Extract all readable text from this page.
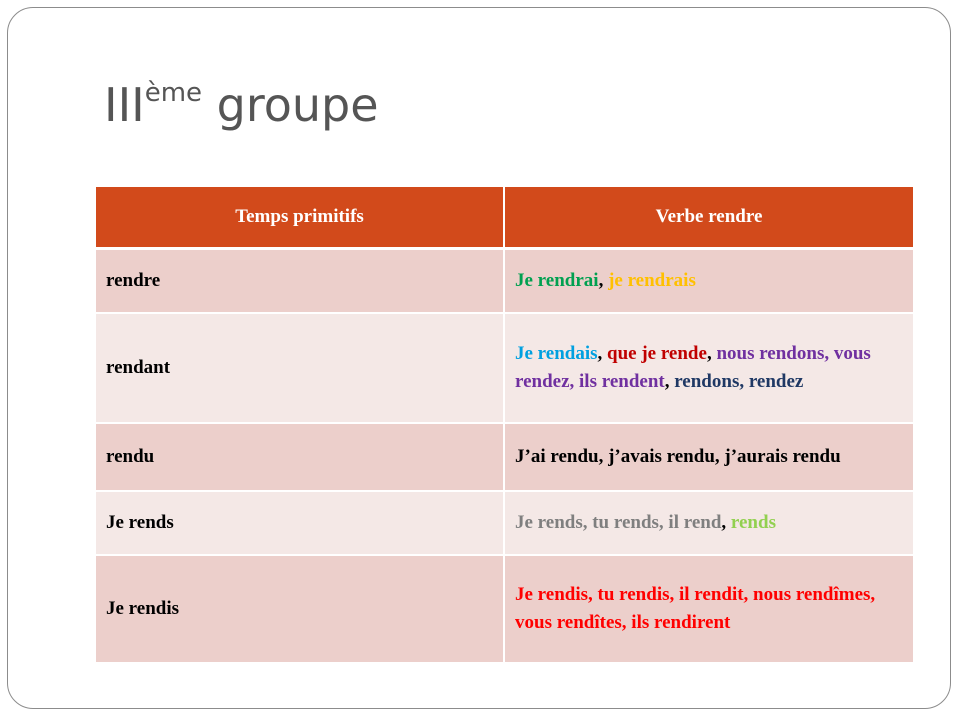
IIIème groupe
Temps primitifs	Verbe rendre
rendre	Je rendrai, je rendrais
rendant	Je rendais, que je rende, nous rendons, vous rendez, ils rendent, rendons, rendez
rendu	J’ai rendu, j’avais rendu, j’aurais rendu
Je rends	Je rends, tu rends, il rend, rends
Je rendis	Je rendis, tu rendis, il rendit, nous rendîmes, vous rendîtes, ils rendirent
